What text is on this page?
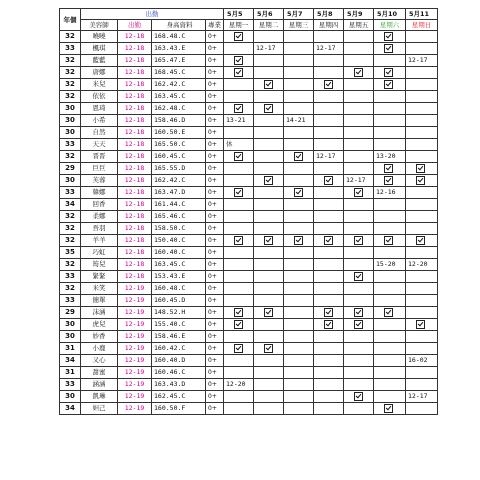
年個	出勤				5月5	5月6	5月7	5月8	5月9	5月10	5月11
	美容師	出勤	身高資料	專業	星期一	星期二	星期三	星期四	星期五	星期六	星期日
32	曉曉	12-18	168.48.C	0+							
33	楓琪	12-18	163.43.E	0+		12-17		12-17			
32	藍藍	12-18	165.47.E	0+							12-17
32	唐娜	12-18	168.45.C	0+							
32	米兒	12-18	162.42.C	0+							
32	依依	12-18	163.45.C	0+							
30	恩琦	12-18	162.48.C	0+							
30	小希	12-18	158.46.D	0+	13-21		14-21				
30	自然	12-18	160.50.E	0+							
33	天天	12-18	165.50.C	0+	休						
32	晋晋	12-18	160.45.C	0+				12-17		13-20	
29	巨巨	12-18	165.55.D	0+							
30	芙蓉	12-18	162.42.C	0+					12-17		
33	韓娜	12-18	163.47.D	0+						12-16	
34	回香	12-18	161.44.C	0+							
32	柔娜	12-18	165.46.C	0+							
32	吾羽	12-18	158.50.C	0+							
32	羊羊	12-18	150.40.C	0+							
35	巧虹	12-18	160.40.C	0+							
32	筠兒	12-18	163.45.C	0+						15-20	12-20
33	緊緊	12-18	153.43.E	0+							
32	米笑	12-19	160.48.C	0+							
33	簡單	12-19	160.45.D	0+							
29	沫涵	12-19	148.52.H	0+							
30	虎兒	12-19	155.40.C	0+							
30	妙香	12-19	158.46.E	0+							
31	小鹿	12-19	160.42.C	0+							
34	又心	12-19	160.40.D	0+							16-02
31	甜蜜	12-19	160.46.C	0+							
33	涵涵	12-19	163.43.D	0+	12-20						
30	凱琳	12-19	162.45.C	0+							12-17
34	妲己	12-19	160.50.F	0+							
